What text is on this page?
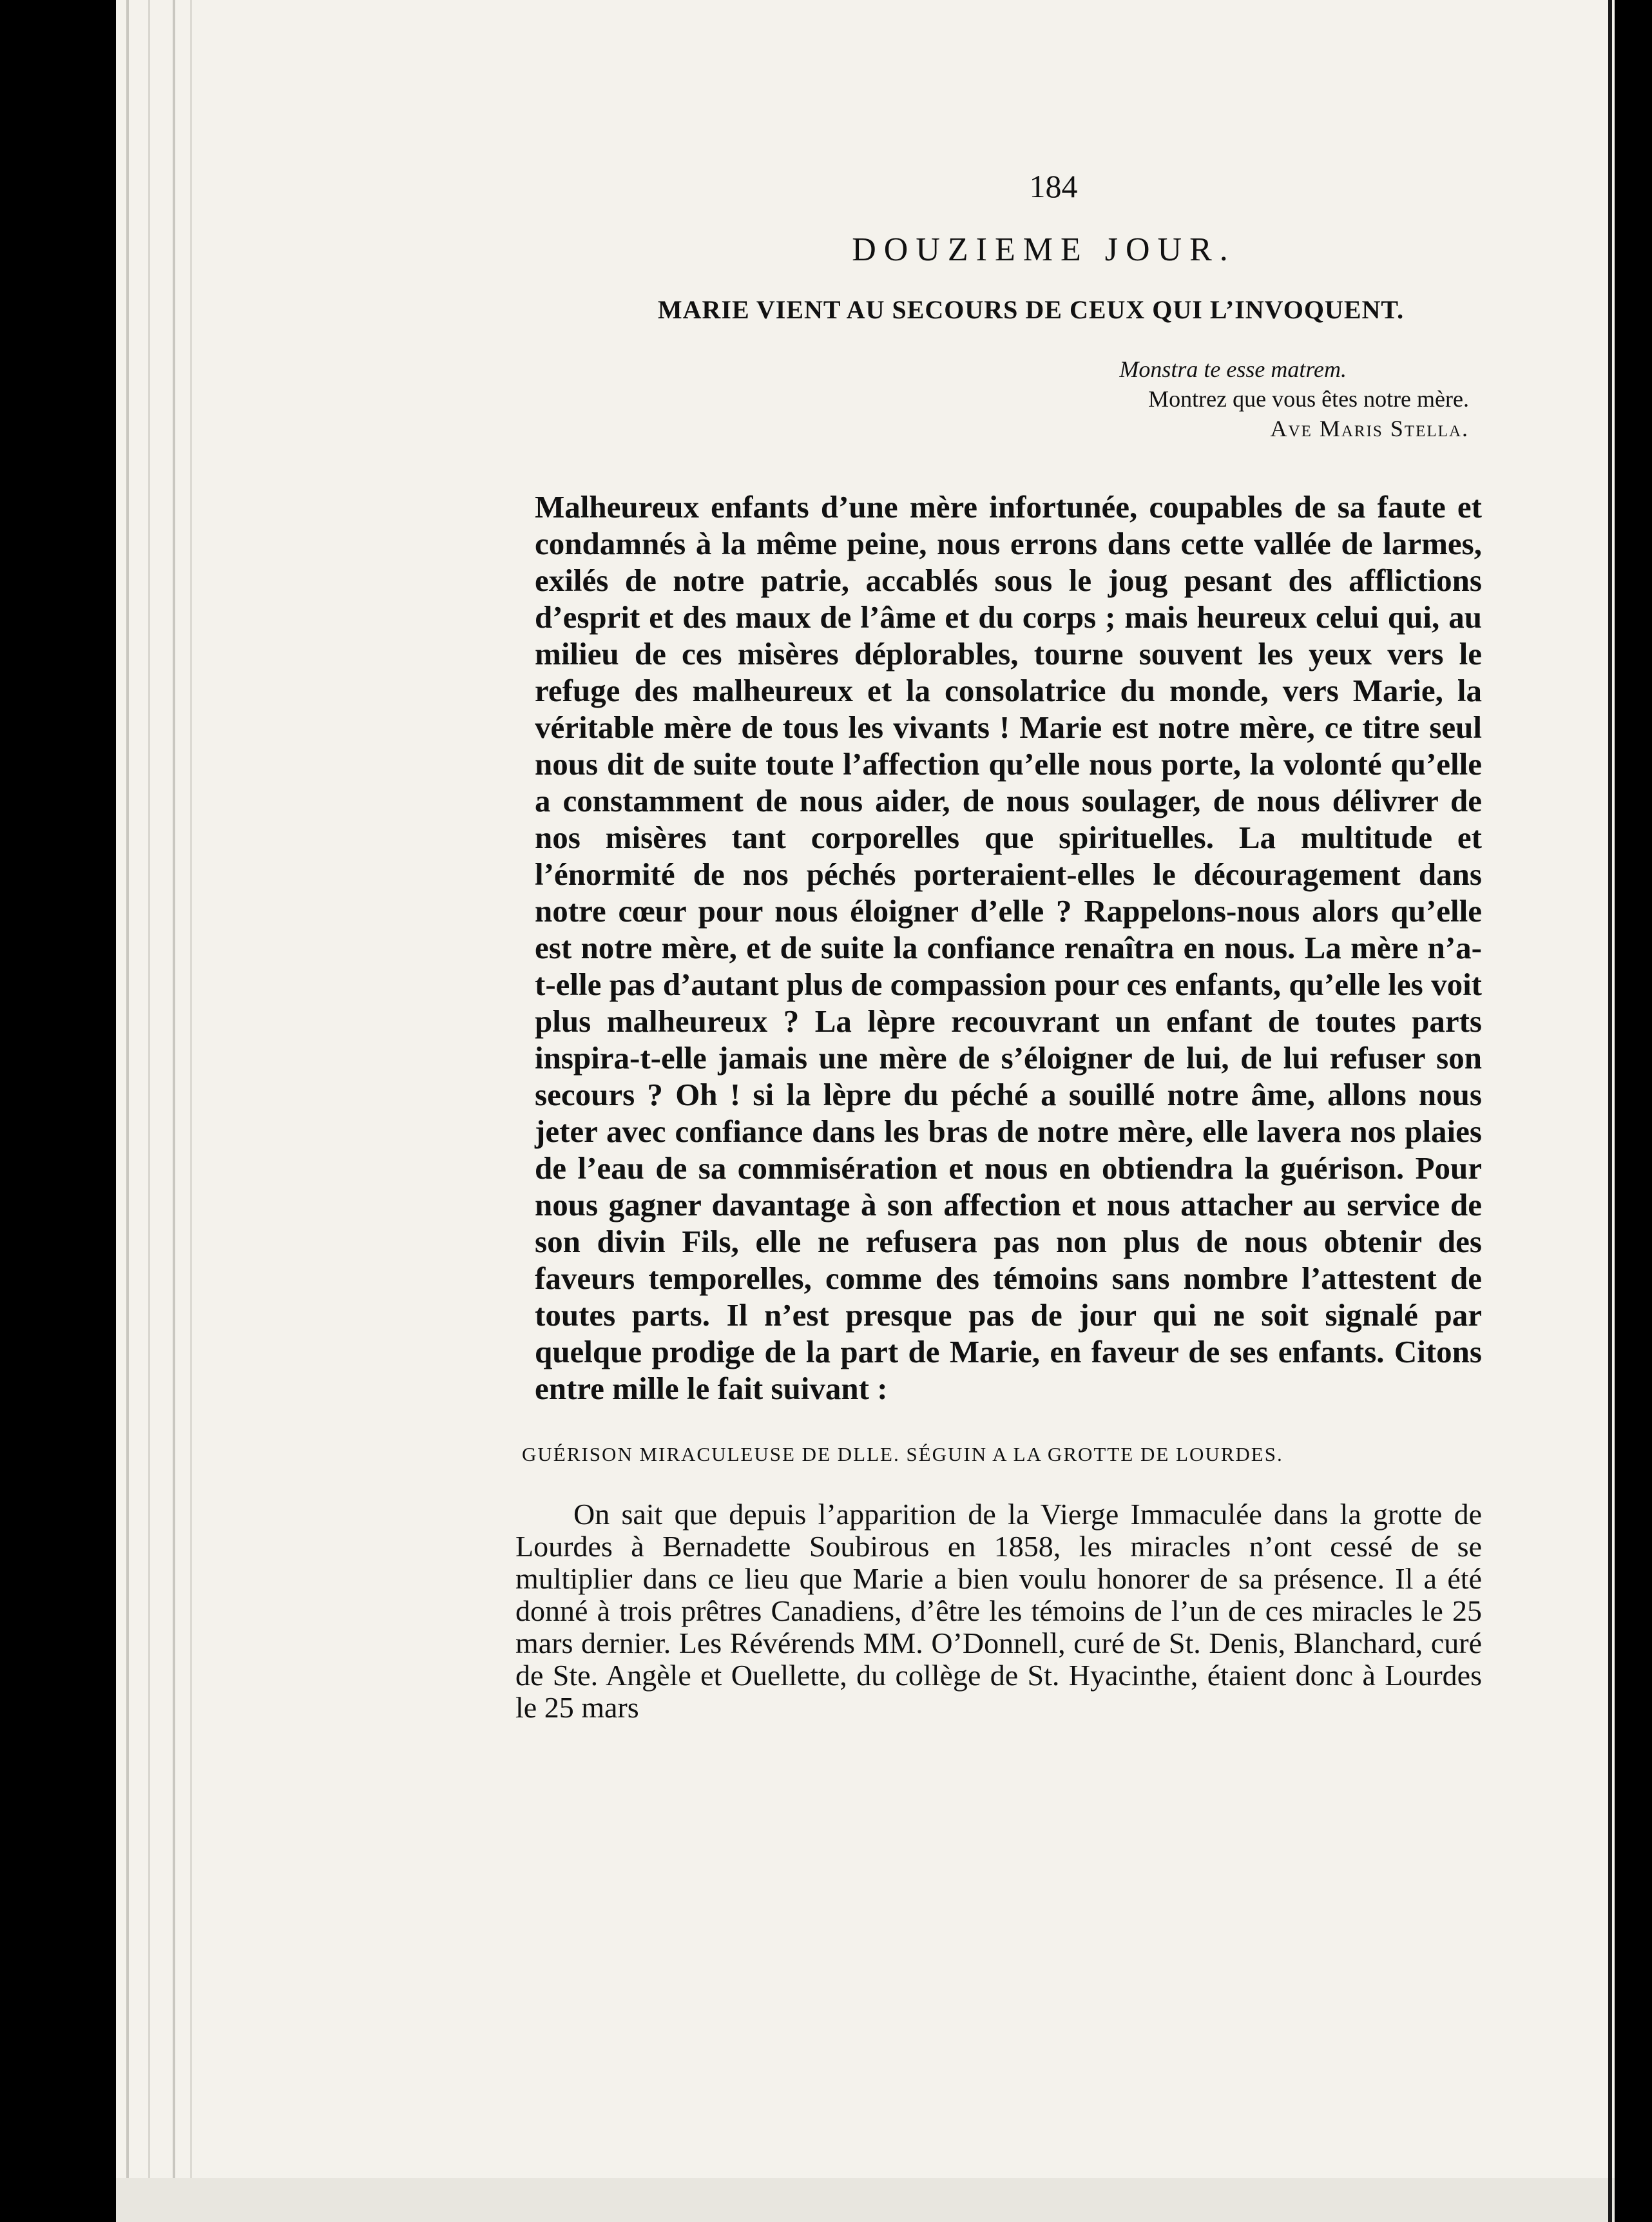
184
DOUZIEME JOUR.
MARIE VIENT AU SECOURS DE CEUX QUI L’INVOQUENT.
Monstra te esse matrem.
Montrez que vous êtes notre mère.
Ave Maris Stella.

Malheureux enfants d’une mère infortunée, coupables de sa faute et condamnés à la même peine, nous errons dans cette vallée de larmes, exilés de notre patrie, accablés sous le joug pesant des afflictions d’esprit et des maux de l’âme et du corps ; mais heureux celui qui, au milieu de ces misères déplorables, tourne souvent les yeux vers le refuge des malheureux et la consolatrice du monde, vers Marie, la véritable mère de tous les vivants ! Marie est notre mère, ce titre seul nous dit de suite toute l’affection qu’elle nous porte, la volonté qu’elle a constamment de nous aider, de nous soulager, de nous délivrer de nos misères tant corporelles que spirituelles. La multitude et l’énormité de nos péchés porteraient-elles le découragement dans notre cœur pour nous éloigner d’elle ? Rappelons-nous alors qu’elle est notre mère, et de suite la confiance renaîtra en nous. La mère n’a-t-elle pas d’autant plus de compassion pour ces enfants, qu’elle les voit plus malheureux ? La lèpre recouvrant un enfant de toutes parts inspira-t-elle jamais une mère de s’éloigner de lui, de lui refuser son secours ? Oh ! si la lèpre du péché a souillé notre âme, allons nous jeter avec confiance dans les bras de notre mère, elle lavera nos plaies de l’eau de sa commisération et nous en obtiendra la guérison. Pour nous gagner davantage à son affection et nous attacher au service de son divin Fils, elle ne refusera pas non plus de nous obtenir des faveurs temporelles, comme des témoins sans nombre l’attestent de toutes parts. Il n’est presque pas de jour qui ne soit signalé par quelque prodige de la part de Marie, en faveur de ses enfants. Citons entre mille le fait suivant :

GUÉRISON MIRACULEUSE DE DLLE. SÉGUIN A LA GROTTE DE LOURDES.

On sait que depuis l’apparition de la Vierge Immaculée dans la grotte de Lourdes à Bernadette Soubirous en 1858, les miracles n’ont cessé de se multiplier dans ce lieu que Marie a bien voulu honorer de sa présence. Il a été donné à trois prêtres Canadiens, d’être les témoins de l’un de ces miracles le 25 mars dernier. Les Révérends MM. O’Donnell, curé de St. Denis, Blanchard, curé de Ste. Angèle et Ouellette, du collège de St. Hyacinthe, étaient donc à Lourdes le 25 mars
